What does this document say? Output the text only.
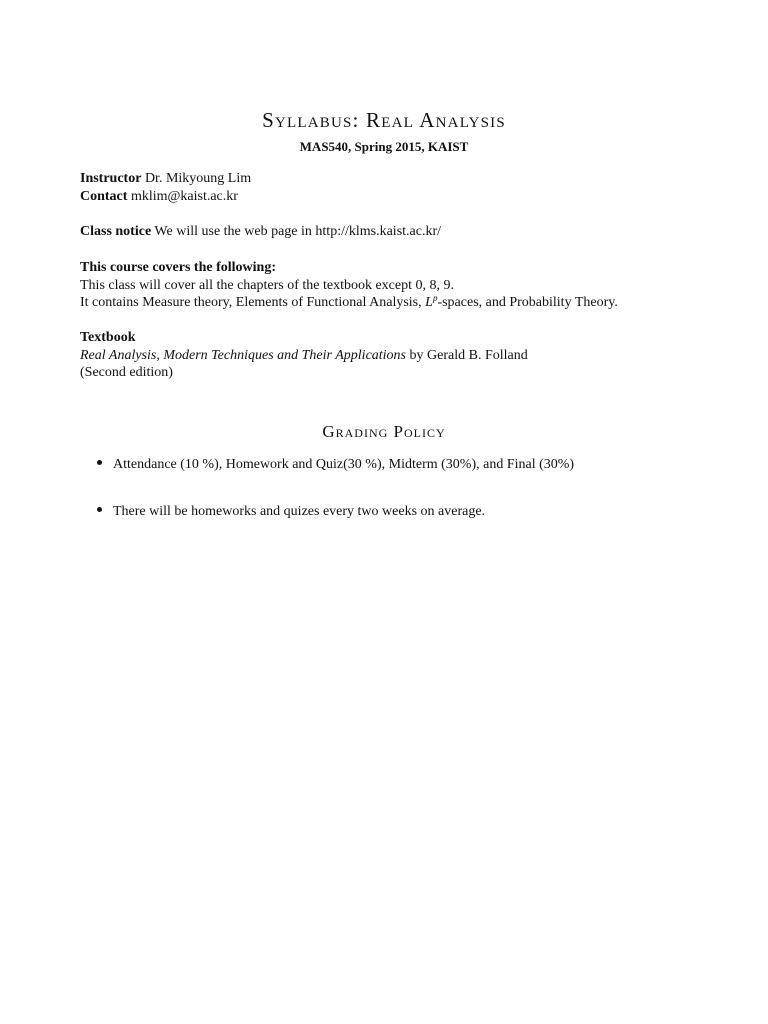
Syllabus: Real Analysis
MAS540, Spring 2015, KAIST
Instructor Dr. Mikyoung Lim
Contact mklim@kaist.ac.kr
Class notice We will use the web page in http://klms.kaist.ac.kr/
This course covers the following:
This class will cover all the chapters of the textbook except 0, 8, 9.
It contains Measure theory, Elements of Functional Analysis, $L^p$-spaces, and Probability Theory.
Textbook
Real Analysis, Modern Techniques and Their Applications by Gerald B. Folland
(Second edition)
Grading Policy
Attendance (10 %), Homework and Quiz(30 %), Midterm (30%), and Final (30%)
There will be homeworks and quizes every two weeks on average.
